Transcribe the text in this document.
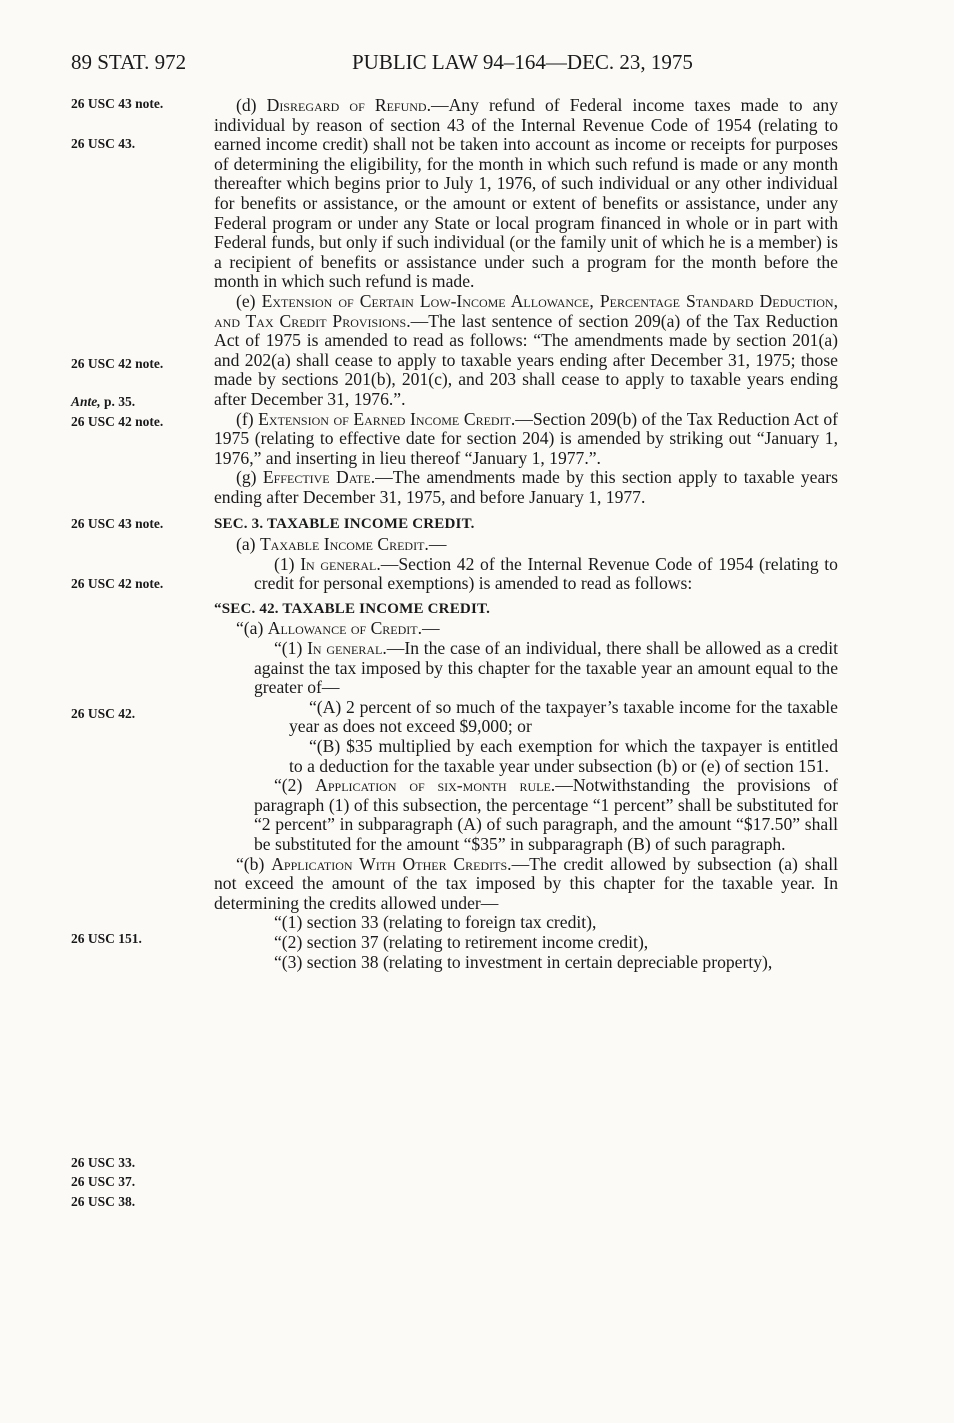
89 STAT. 972	PUBLIC LAW 94–164—DEC. 23, 1975
26 USC 43 note.
26 USC 43.
26 USC 42 note.
Ante, p. 35.
26 USC 42 note.
26 USC 43 note.
26 USC 42 note.
26 USC 42.
26 USC 151.
26 USC 33.
26 USC 37.
26 USC 38.

(d) Disregard of Refund.—Any refund of Federal income taxes made to any individual by reason of section 43 of the Internal Revenue Code of 1954 (relating to earned income credit) shall not be taken into account as income or receipts for purposes of determining the eligibility, for the month in which such refund is made or any month thereafter which begins prior to July 1, 1976, of such individual or any other individual for benefits or assistance, or the amount or extent of benefits or assistance, under any Federal program or under any State or local program financed in whole or in part with Federal funds, but only if such individual (or the family unit of which he is a member) is a recipient of benefits or assistance under such a program for the month before the month in which such refund is made.

(e) Extension of Certain Low-Income Allowance, Percentage Standard Deduction, and Tax Credit Provisions.—The last sentence of section 209(a) of the Tax Reduction Act of 1975 is amended to read as follows: “The amendments made by section 201(a) and 202(a) shall cease to apply to taxable years ending after December 31, 1975; those made by sections 201(b), 201(c), and 203 shall cease to apply to taxable years ending after December 31, 1976.”.

(f) Extension of Earned Income Credit.—Section 209(b) of the Tax Reduction Act of 1975 (relating to effective date for section 204) is amended by striking out “January 1, 1976,” and inserting in lieu thereof “January 1, 1977.”.

(g) Effective Date.—The amendments made by this section apply to taxable years ending after December 31, 1975, and before January 1, 1977.

SEC. 3. TAXABLE INCOME CREDIT.

(a) Taxable Income Credit.—

(1) In general.—Section 42 of the Internal Revenue Code of 1954 (relating to credit for personal exemptions) is amended to read as follows:

“SEC. 42. TAXABLE INCOME CREDIT.

“(a) Allowance of Credit.—

“(1) In general.—In the case of an individual, there shall be allowed as a credit against the tax imposed by this chapter for the taxable year an amount equal to the greater of—

“(A) 2 percent of so much of the taxpayer’s taxable income for the taxable year as does not exceed $9,000; or

“(B) $35 multiplied by each exemption for which the taxpayer is entitled to a deduction for the taxable year under subsection (b) or (e) of section 151.

“(2) Application of six-month rule.—Notwithstanding the provisions of paragraph (1) of this subsection, the percentage “1 percent” shall be substituted for “2 percent” in subparagraph (A) of such paragraph, and the amount “$17.50” shall be substituted for the amount “$35” in subparagraph (B) of such paragraph.

“(b) Application With Other Credits.—The credit allowed by subsection (a) shall not exceed the amount of the tax imposed by this chapter for the taxable year. In determining the credits allowed under—

“(1) section 33 (relating to foreign tax credit),

“(2) section 37 (relating to retirement income credit),

“(3) section 38 (relating to investment in certain depreciable property),
